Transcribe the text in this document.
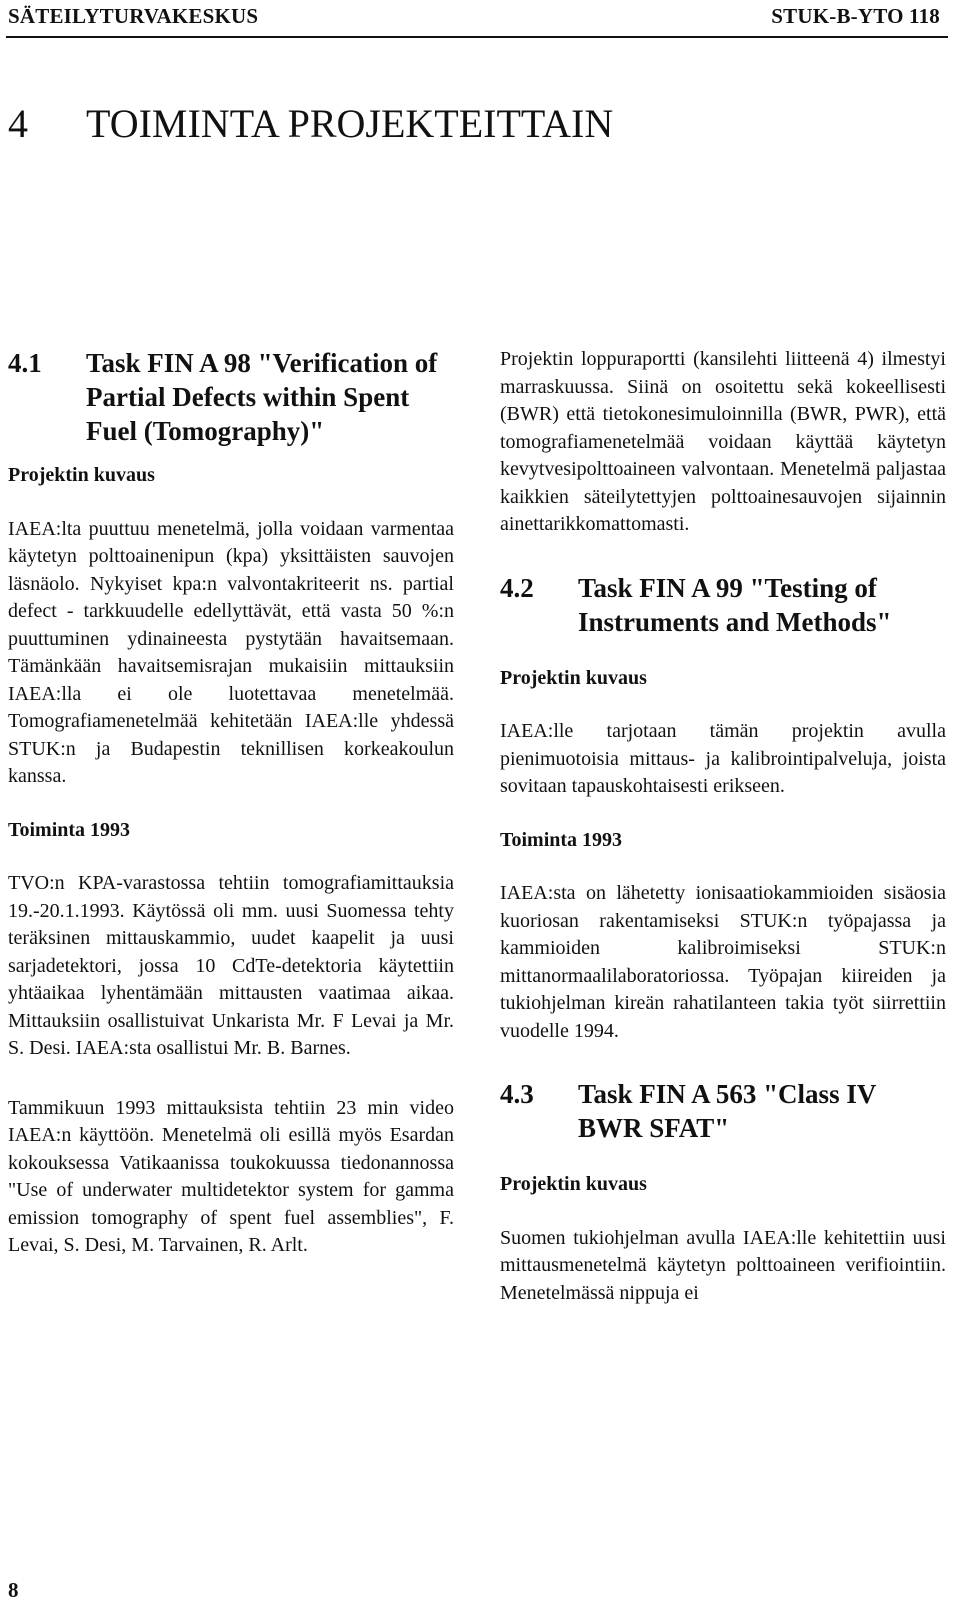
SÄTEILYTURVAKESKUS	STUK-B-YTO 118
4 TOIMINTA PROJEKTEITTAIN
4.1	Task FIN A 98 "Verification of Partial Defects within Spent Fuel (Tomography)"
Projektin kuvaus

IAEA:lta puuttuu menetelmä, jolla voidaan varmentaa käytetyn polttoainenipun (kpa) yksittäisten sauvojen läsnäolo. Nykyiset kpa:n valvontakriteerit ns. partial defect - tarkkuudelle edellyttävät, että vasta 50 %:n puuttuminen ydinaineesta pystytään havaitsemaan. Tämänkään havaitsemisrajan mukaisiin mittauksiin IAEA:lla ei ole luotettavaa menetelmää. Tomografiamenetelmää kehitetään IAEA:lle yhdessä STUK:n ja Budapestin teknillisen korkeakoulun kanssa.

Toiminta 1993

TVO:n KPA-varastossa tehtiin tomografiamittauksia 19.-20.1.1993. Käytössä oli mm. uusi Suomessa tehty teräksinen mittauskammio, uudet kaapelit ja uusi sarjadetektori, jossa 10 CdTe-detektoria käytettiin yhtäaikaa lyhentämään mittausten vaatimaa aikaa. Mittauksiin osallistuivat Unkarista Mr. F Levai ja Mr. S. Desi. IAEA:sta osallistui Mr. B. Barnes.

Tammikuun 1993 mittauksista tehtiin 23 min video IAEA:n käyttöön. Menetelmä oli esillä myös Esardan kokouksessa Vatikaanissa toukokuussa tiedonannossa "Use of underwater multidetektor system for gamma emission tomography of spent fuel assemblies", F. Levai, S. Desi, M. Tarvainen, R. Arlt.

Projektin loppuraportti (kansilehti liitteenä 4) ilmestyi marraskuussa. Siinä on osoitettu sekä kokeellisesti (BWR) että tietokonesimuloinnilla (BWR, PWR), että tomografiamenetelmää voidaan käyttää käytetyn kevytvesipolttoaineen valvontaan. Menetelmä paljastaa kaikkien säteilytettyjen polttoainesauvojen sijainnin ainettarikkomattomasti.

4.2	Task FIN A 99 "Testing of Instruments and Methods"
Projektin kuvaus

IAEA:lle tarjotaan tämän projektin avulla pienimuotoisia mittaus- ja kalibrointipalveluja, joista sovitaan tapauskohtaisesti erikseen.

Toiminta 1993

IAEA:sta on lähetetty ionisaatiokammioiden sisäosia kuoriosan rakentamiseksi STUK:n työpajassa ja kammioiden kalibroimiseksi STUK:n mittanormaalilaboratoriossa. Työpajan kiireiden ja tukiohjelman kireän rahatilanteen takia työt siirrettiin vuodelle 1994.

4.3	Task FIN A 563 "Class IV BWR SFAT"
Projektin kuvaus

Suomen tukiohjelman avulla IAEA:lle kehitettiin uusi mittausmenetelmä käytetyn polttoaineen verifiointiin. Menetelmässä nippuja ei

8
